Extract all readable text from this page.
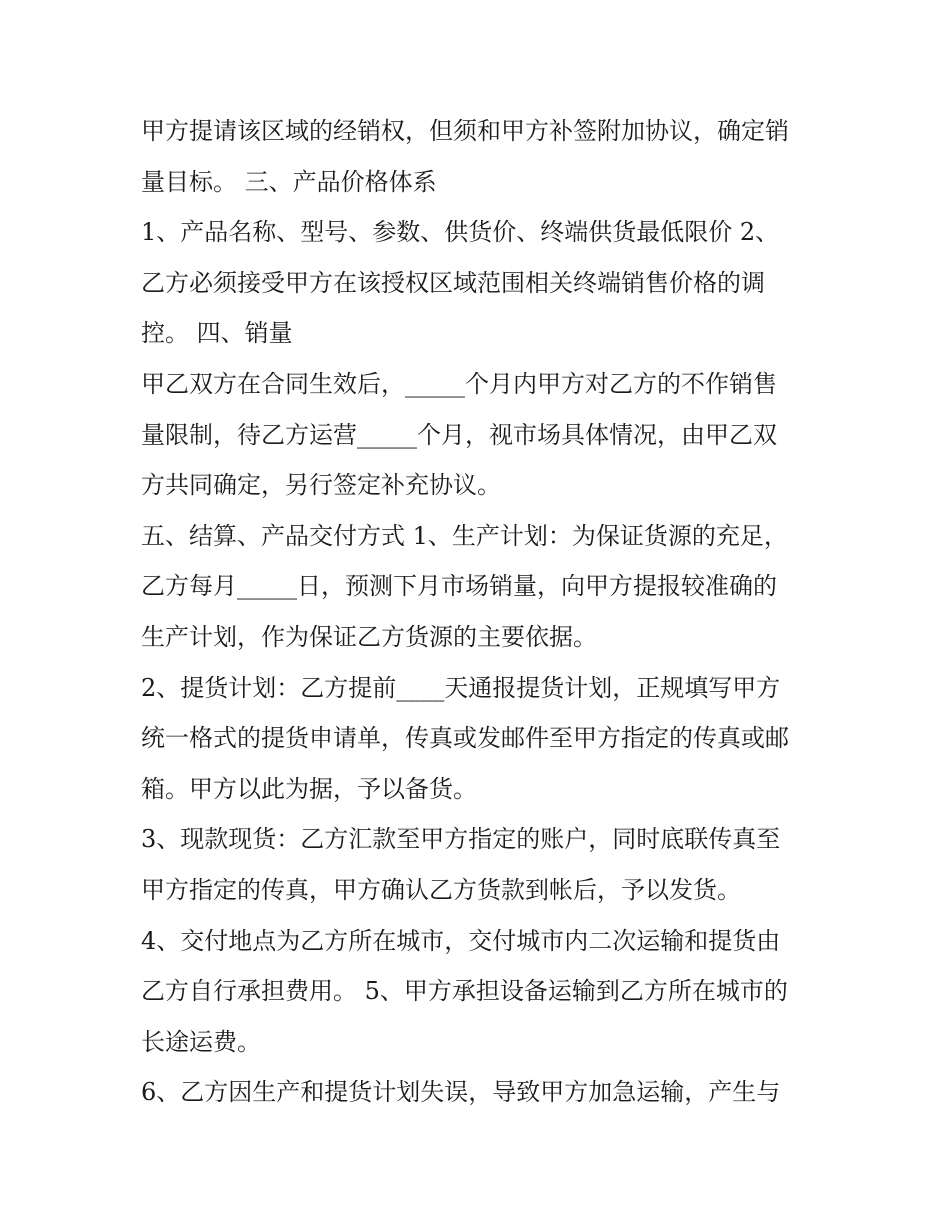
甲方提请该区域的经销权，但须和甲方补签附加协议，确定销
量目标。 三、产品价格体系
1、产品名称、型号、参数、供货价、终端供货最低限价 2、
乙方必须接受甲方在该授权区域范围相关终端销售价格的调
控。 四、销量
甲乙双方在合同生效后，_____个月内甲方对乙方的不作销售
量限制，待乙方运营_____个月，视市场具体情况，由甲乙双
方共同确定，另行签定补充协议。
五、结算、产品交付方式 1、生产计划：为保证货源的充足，
乙方每月_____日，预测下月市场销量，向甲方提报较准确的
生产计划，作为保证乙方货源的主要依据。
2、提货计划：乙方提前____天通报提货计划，正规填写甲方
统一格式的提货申请单，传真或发邮件至甲方指定的传真或邮
箱。甲方以此为据，予以备货。
3、现款现货：乙方汇款至甲方指定的账户，同时底联传真至
甲方指定的传真，甲方确认乙方货款到帐后，予以发货。
4、交付地点为乙方所在城市，交付城市内二次运输和提货由
乙方自行承担费用。 5、甲方承担设备运输到乙方所在城市的
长途运费。
6、乙方因生产和提货计划失误，导致甲方加急运输，产生与
